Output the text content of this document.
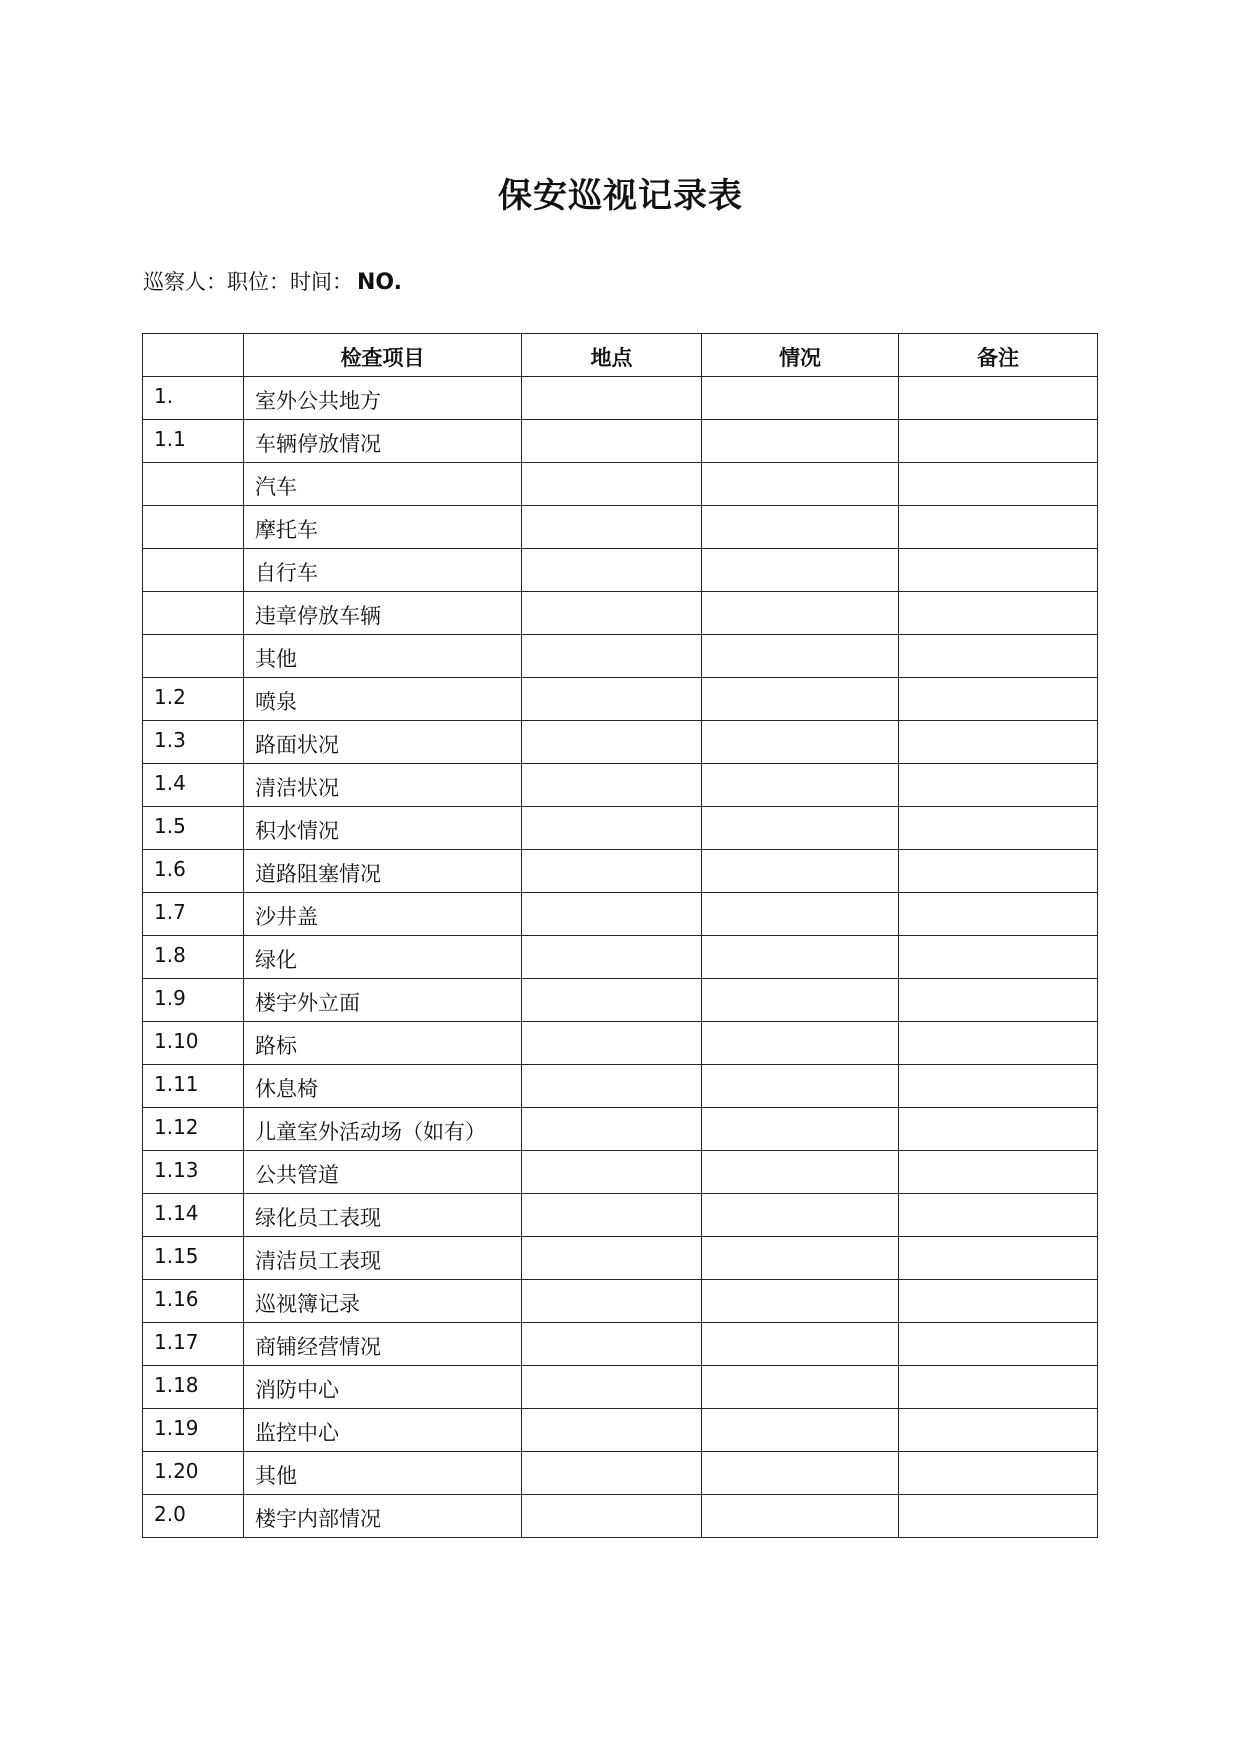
保安巡视记录表
巡察人：职位：时间： NO.
	检查项目	地点	情况	备注
1.	室外公共地方			
1.1	车辆停放情况			
	汽车			
	摩托车			
	自行车			
	违章停放车辆			
	其他			
1.2	喷泉			
1.3	路面状况			
1.4	清洁状况			
1.5	积水情况			
1.6	道路阻塞情况			
1.7	沙井盖			
1.8	绿化			
1.9	楼宇外立面			
1.10	路标			
1.11	休息椅			
1.12	儿童室外活动场（如有）			
1.13	公共管道			
1.14	绿化员工表现			
1.15	清洁员工表现			
1.16	巡视簿记录			
1.17	商铺经营情况			
1.18	消防中心			
1.19	监控中心			
1.20	其他			
2.0	楼宇内部情况			
